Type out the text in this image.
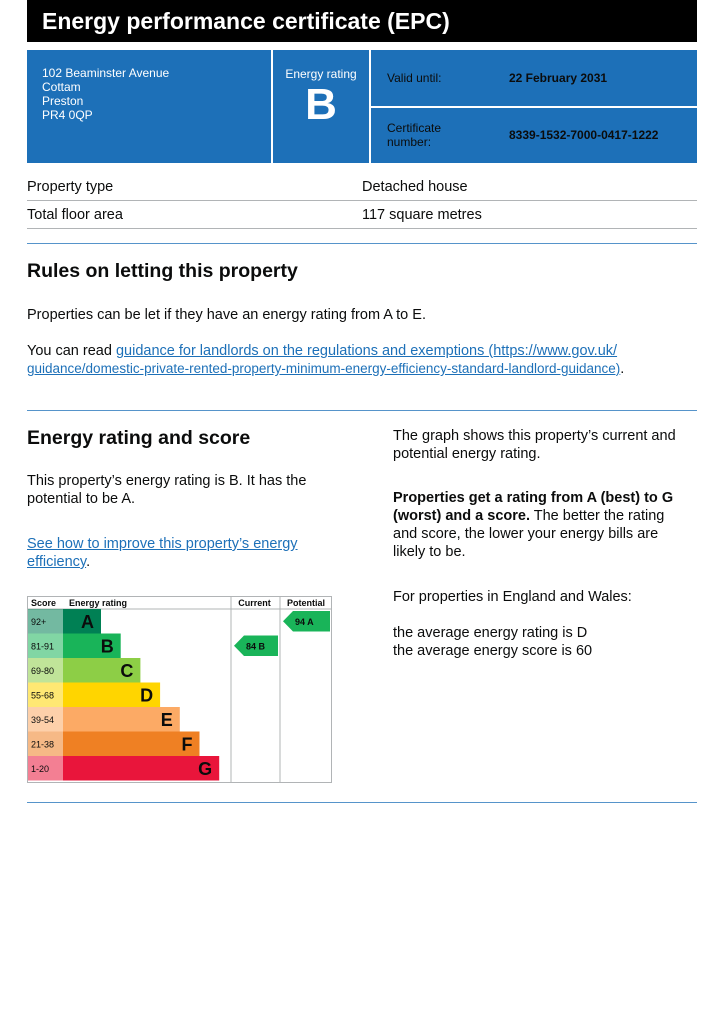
Energy performance certificate (EPC)
102 Beaminster Avenue
Cottam
Preston
PR4 0QP
Energy rating
B
Valid until:	22 February 2031
Certificate
number:	8339-1532-7000-0417-1222
Property type	Detached house
Total floor area	117 square metres
Rules on letting this property
Properties can be let if they have an energy rating from A to E.
You can read guidance for landlords on the regulations and exemptions (https://www.gov.uk/
guidance/domestic-private-rented-property-minimum-energy-efficiency-standard-landlord-guidance).
Energy rating and score
This property’s energy rating is B. It has the
potential to be A.
See how to improve this property’s energy
efficiency.
The graph shows this property’s current and
potential energy rating.
Properties get a rating from A (best) to G
(worst) and a score. The better the rating
and score, the lower your energy bills are
likely to be.
For properties in England and Wales:
the average energy rating is D
the average energy score is 60
Score Energy rating	Current Potential
92+ A
81-91	B
69-80	C
55-68	D
39-54	E
21-38	F
1-20	G
84 B
94 A
